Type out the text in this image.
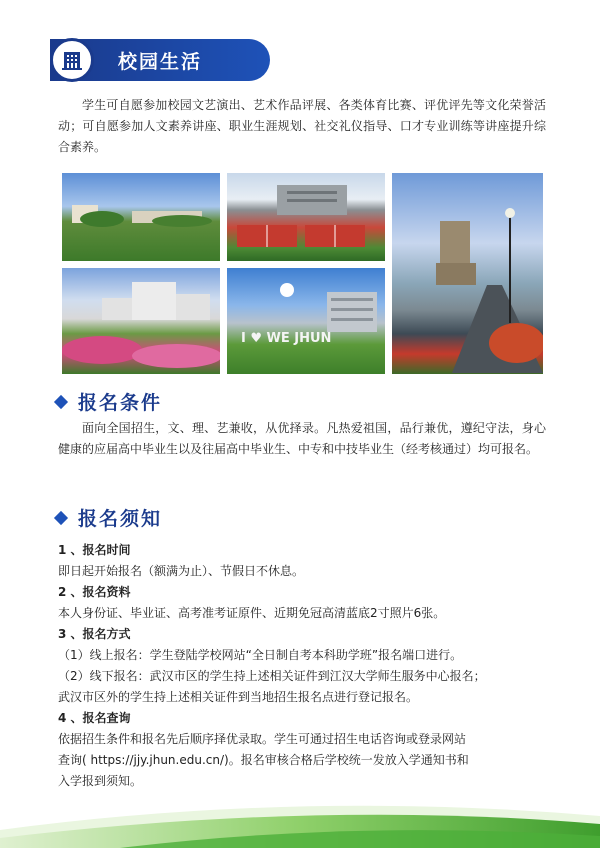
校园生活
学生可自愿参加校园文艺演出、艺术作品评展、各类体育比赛、评优评先等文化荣誉活动；可自愿参加人文素养讲座、职业生涯规划、社交礼仪指导、口才专业训练等讲座提升综合素养。
I ♥ WE JHUN
报名条件
面向全国招生，文、理、艺兼收，从优择录。凡热爱祖国，品行兼优，遵纪守法，身心健康的应届高中毕业生以及往届高中毕业生、中专和中技毕业生（经考核通过）均可报名。
报名须知
1 、报名时间
即日起开始报名（额满为止）、节假日不休息。
2 、报名资料
本人身份证、毕业证、高考准考证原件、近期免冠高清蓝底2寸照片6张。
3 、报名方式
（1）线上报名：学生登陆学校网站“全日制自考本科助学班”报名端口进行。
（2）线下报名：武汉市区的学生持上述相关证件到江汉大学师生服务中心报名；
武汉市区外的学生持上述相关证件到当地招生报名点进行登记报名。
4 、报名查询
依据招生条件和报名先后顺序择优录取。学生可通过招生电话咨询或登录网站
查询( https://jjy.jhun.edu.cn/)。报名审核合格后学校统一发放入学通知书和
入学报到须知。
